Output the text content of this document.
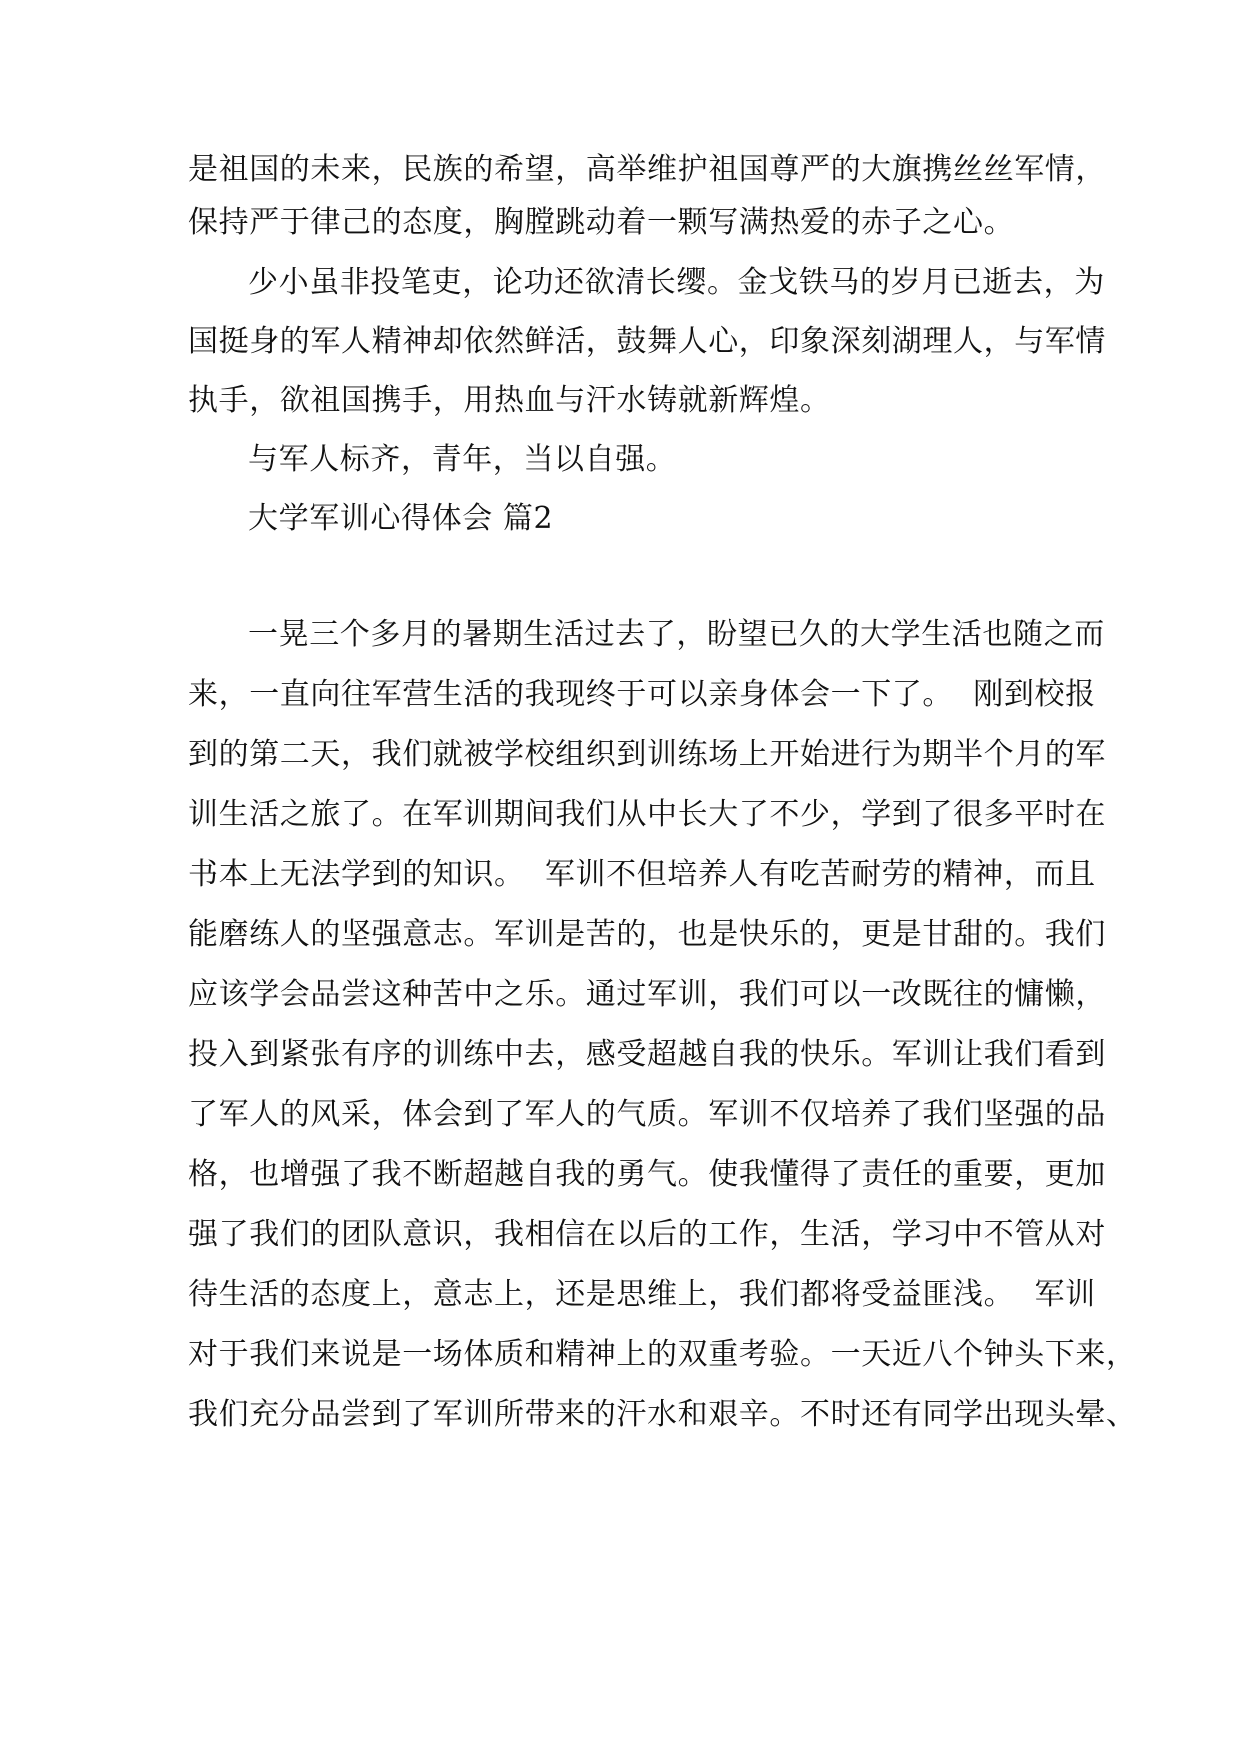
是祖国的未来，民族的希望，高举维护祖国尊严的大旗携丝丝军情，
保持严于律己的态度，胸膛跳动着一颗写满热爱的赤子之心。
少小虽非投笔吏，论功还欲清长缨。金戈铁马的岁月已逝去，为
国挺身的军人精神却依然鲜活，鼓舞人心，印象深刻湖理人，与军情
执手，欲祖国携手，用热血与汗水铸就新辉煌。
与军人标齐，青年，当以自强。
大学军训心得体会 篇2
一晃三个多月的暑期生活过去了，盼望已久的大学生活也随之而
来，一直向往军营生活的我现终于可以亲身体会一下了。  刚到校报
到的第二天，我们就被学校组织到训练场上开始进行为期半个月的军
训生活之旅了。在军训期间我们从中长大了不少，学到了很多平时在
书本上无法学到的知识。  军训不但培养人有吃苦耐劳的精神，而且
能磨练人的坚强意志。军训是苦的，也是快乐的，更是甘甜的。我们
应该学会品尝这种苦中之乐。通过军训，我们可以一改既往的慵懒，
投入到紧张有序的训练中去，感受超越自我的快乐。军训让我们看到
了军人的风采，体会到了军人的气质。军训不仅培养了我们坚强的品
格，也增强了我不断超越自我的勇气。使我懂得了责任的重要，更加
强了我们的团队意识，我相信在以后的工作，生活，学习中不管从对
待生活的态度上，意志上，还是思维上，我们都将受益匪浅。  军训
对于我们来说是一场体质和精神上的双重考验。一天近八个钟头下来，
我们充分品尝到了军训所带来的汗水和艰辛。不时还有同学出现头晕、
